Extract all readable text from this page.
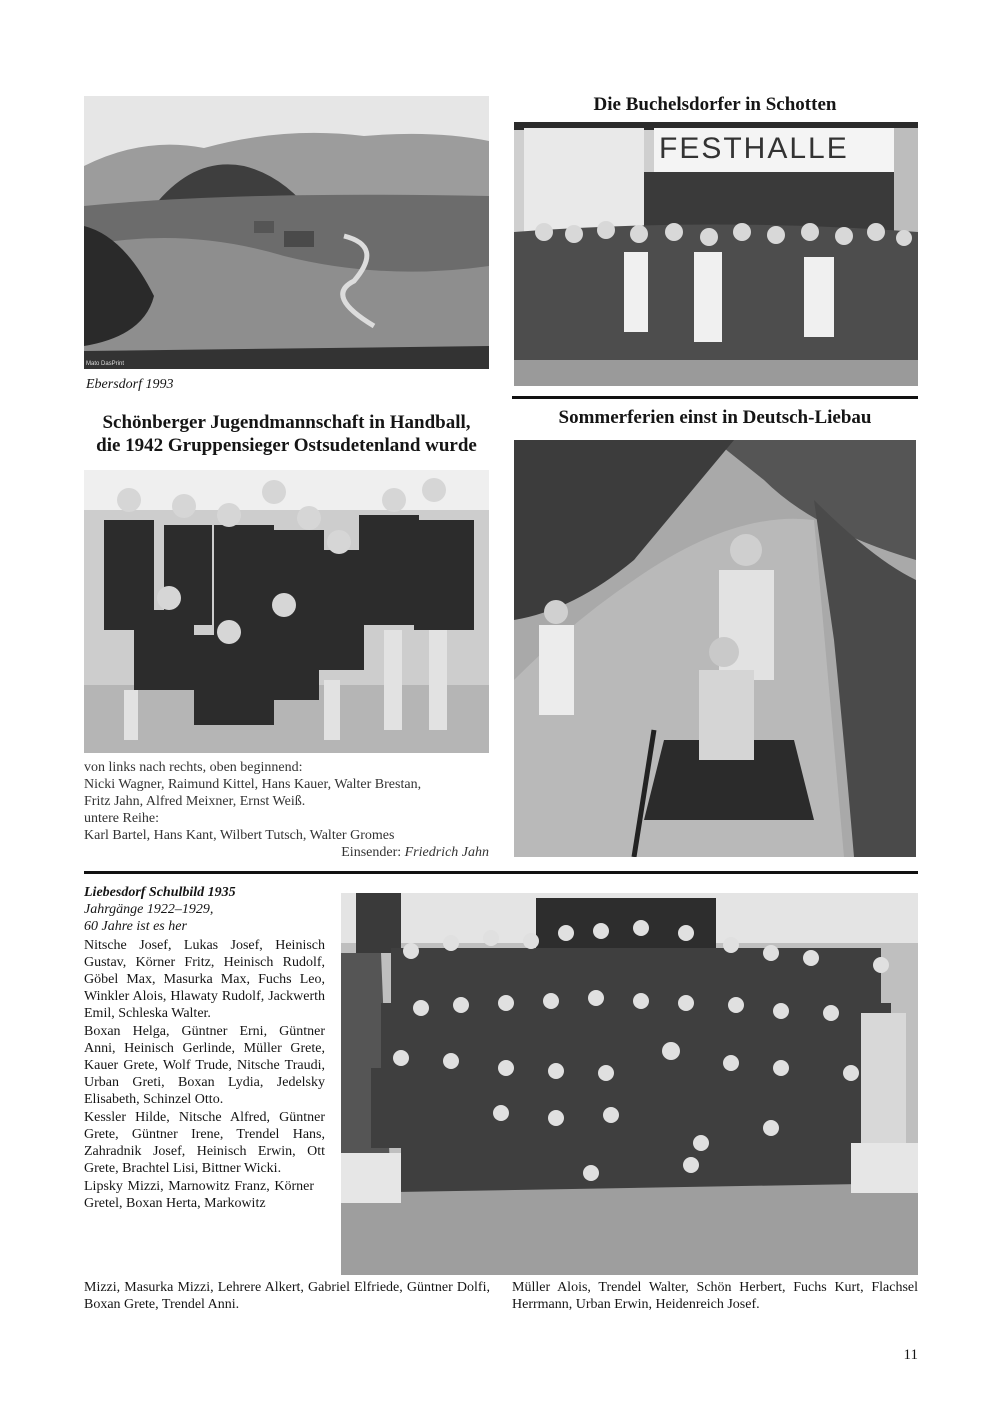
Mato DasPrint
Ebersdorf 1993
Die Buchelsdorfer in Schotten
FESTHALLE
Schönberger Jugendmannschaft in Handball,
die 1942 Gruppensieger Ostsudetenland wurde
von links nach rechts, oben beginnend:
Nicki Wagner, Raimund Kittel, Hans Kauer, Walter Brestan,
Fritz Jahn, Alfred Meixner, Ernst Weiß.
untere Reihe:
Karl Bartel, Hans Kant, Wilbert Tutsch, Walter Gromes
Einsender: Friedrich Jahn
Sommerferien einst in Deutsch-Liebau
Liebesdorf Schulbild 1935
Jahrgänge 1922–1929,
60 Jahre ist es her

Nitsche Josef, Lukas Josef, Heinisch Gustav, Körner Fritz, Heinisch Rudolf, Göbel Max, Masurka Max, Fuchs Leo, Winkler Alois, Hlawaty Rudolf, Jackwerth Emil, Schleska Walter.

Boxan Helga, Güntner Erni, Güntner Anni, Heinisch Gerlinde, Müller Grete, Kauer Grete, Wolf Trude, Nitsche Traudi, Urban Greti, Boxan Lydia, Jedelsky Elisabeth, Schinzel Otto.

Kessler Hilde, Nitsche Alfred, Güntner Grete, Güntner Irene, Trendel Hans, Zahradnik Josef, Heinisch Erwin, Ott Grete, Brachtel Lisi, Bittner Wicki.

Lipsky Mizzi, Marnowitz Franz, Körner Gretel, Boxan Herta, Markowitz

Mizzi, Masurka Mizzi, Lehrere Alkert, Gabriel Elfriede, Güntner Dolfi, Boxan Grete, Trendel Anni.
Müller Alois, Trendel Walter, Schön Herbert, Fuchs Kurt, Flachsel Herrmann, Urban Erwin, Heidenreich Josef.
11
